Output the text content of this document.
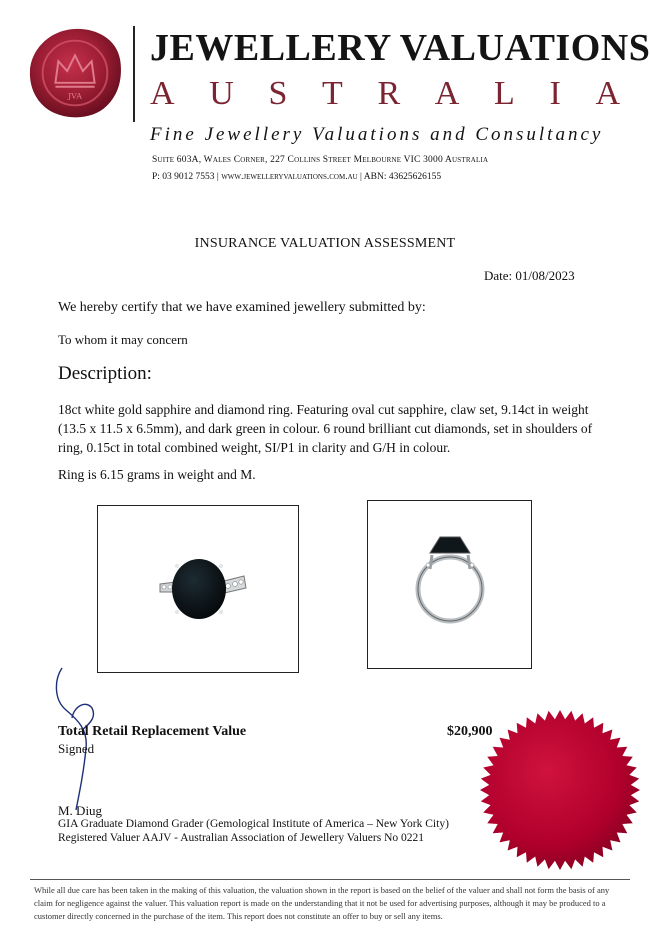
JVA
JEWELLERY VALUATIONS
A U S T R A L I A
Fine Jewellery Valuations and Consultancy
Suite 603A, Wales Corner, 227 Collins Street Melbourne VIC 3000 Australia
P: 03 9012 7553 | www.jewelleryvaluations.com.au | ABN: 43625626155
INSURANCE VALUATION ASSESSMENT
Date: 01/08/2023
We hereby certify that we have examined jewellery submitted by:
To whom it may concern
Description:
18ct white gold sapphire and diamond ring. Featuring oval cut sapphire, claw set, 9.14ct in weight (13.5 x 11.5 x 6.5mm), and dark green in colour. 6 round brilliant cut diamonds, set in shoulders of ring, 0.15ct in total combined weight, SI/P1 in clarity and G/H in colour.
Ring is 6.15 grams in weight and M.
Total Retail Replacement Value	$20,900
Signed
M. Diug
GIA Graduate Diamond Grader (Gemological Institute of America – New York City)
Registered Valuer AAJV - Australian Association of Jewellery Valuers No 0221
While all due care has been taken in the making of this valuation, the valuation shown in the report is based on the belief of the valuer and shall not form the basis of any claim for negligence against the valuer. This valuation report is made on the understanding that it not be used for advertising purposes, although it may be produced to a customer directly concerned in the purchase of the item. This report does not constitute an offer to buy or sell any items.
